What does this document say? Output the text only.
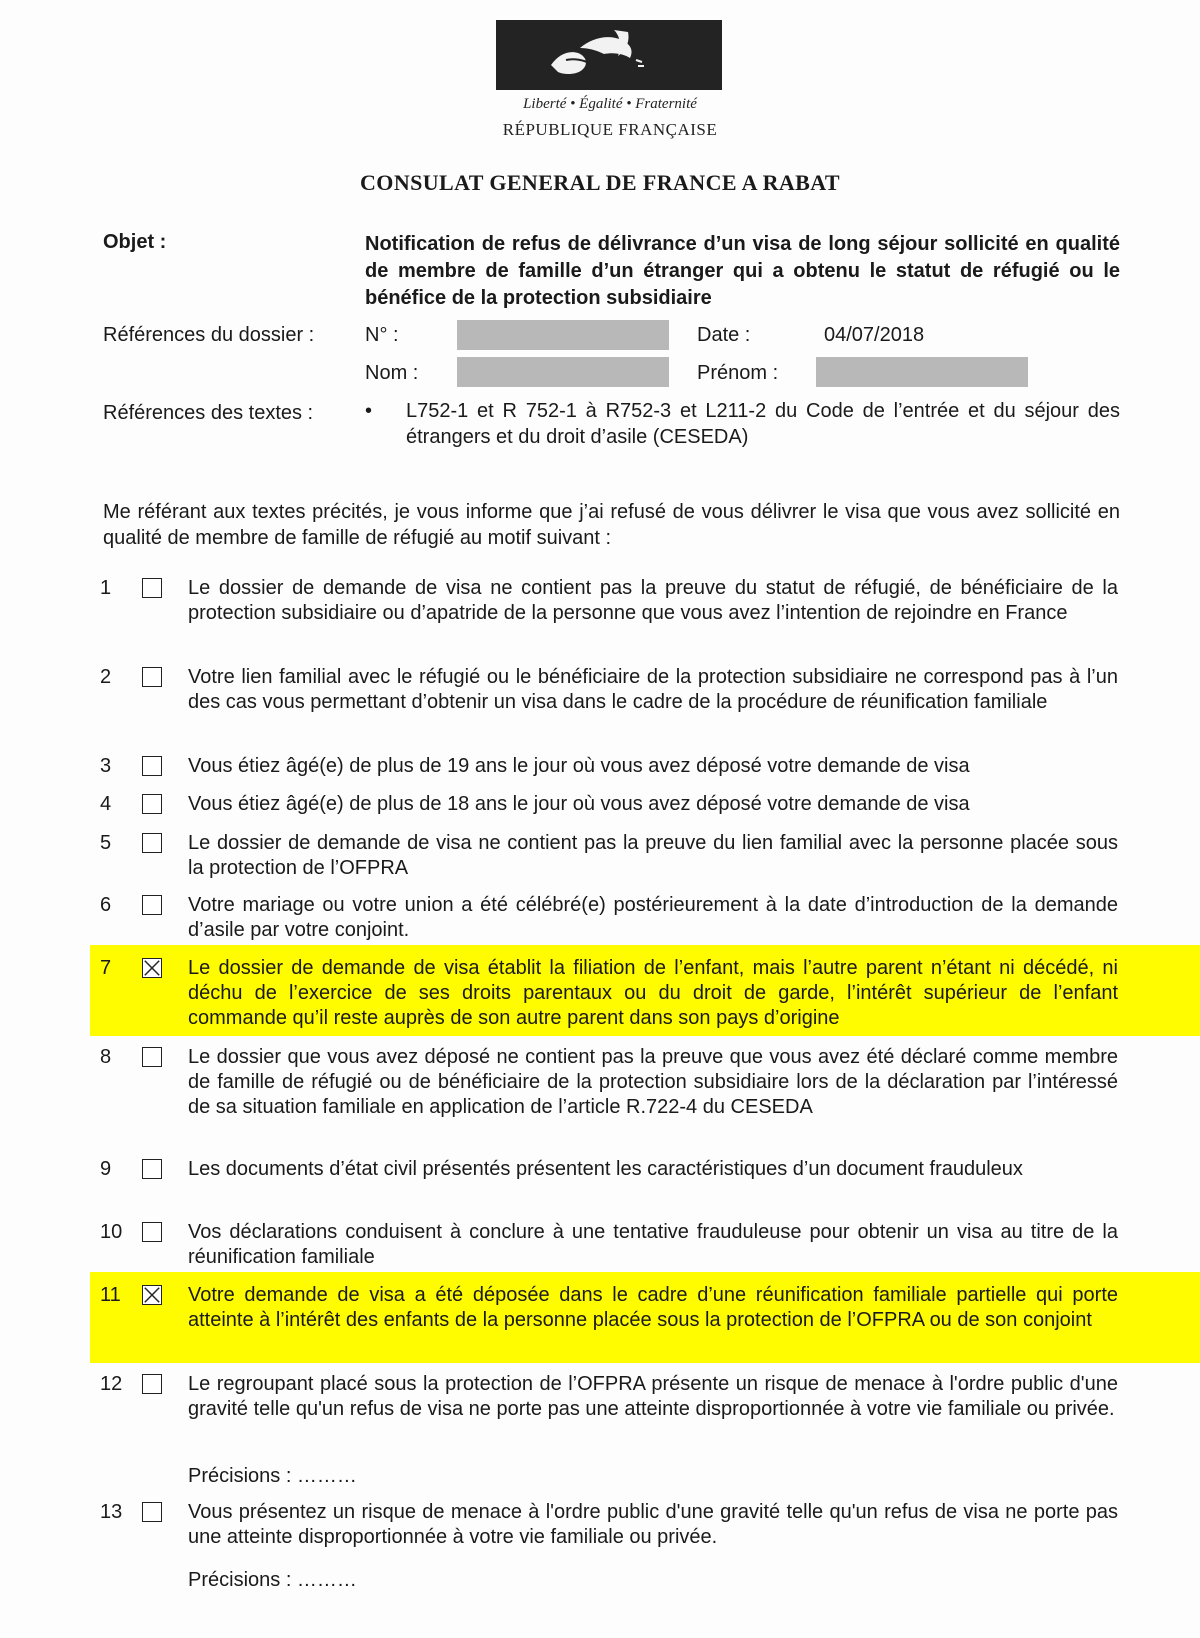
Liberté • Égalité • Fraternité
RÉPUBLIQUE FRANÇAISE
CONSULAT GENERAL DE FRANCE A RABAT
Objet :	Notification de refus de délivrance d’un visa de long séjour sollicité en qualité de membre de famille d’un étranger qui a obtenu le statut de réfugié ou le bénéfice de la protection subsidiaire
Références du dossier :	N° :	Date :	04/07/2018
Nom :	Prénom :
Références des textes :	• L752-1 et R 752-1 à R752-3 et L211-2 du Code de l’entrée et du séjour des étrangers et du droit d’asile (CESEDA)
Me référant aux textes précités, je vous informe que j’ai refusé de vous délivrer le visa que vous avez sollicité en qualité de membre de famille de réfugié au motif suivant :
1	Le dossier de demande de visa ne contient pas la preuve du statut de réfugié, de bénéficiaire de la protection subsidiaire ou d’apatride de la personne que vous avez l’intention de rejoindre en France
2	Votre lien familial avec le réfugié ou le bénéficiaire de la protection subsidiaire ne correspond pas à l’un des cas vous permettant d’obtenir un visa dans le cadre de la procédure de réunification familiale
3	Vous étiez âgé(e) de plus de 19 ans le jour où vous avez déposé votre demande de visa
4	Vous étiez âgé(e) de plus de 18 ans le jour où vous avez déposé votre demande de visa
5	Le dossier de demande de visa ne contient pas la preuve du lien familial avec la personne placée sous la protection de l’OFPRA
6	Votre mariage ou votre union a été célébré(e) postérieurement à la date d’introduction de la demande d’asile par votre conjoint.
7	Le dossier de demande de visa établit la filiation de l’enfant, mais l’autre parent n’étant ni décédé, ni déchu de l’exercice de ses droits parentaux ou du droit de garde, l’intérêt supérieur de l’enfant commande qu’il reste auprès de son autre parent dans son pays d’origine
8	Le dossier que vous avez déposé ne contient pas la preuve que vous avez été déclaré comme membre de famille de réfugié ou de bénéficiaire de la protection subsidiaire lors de la déclaration par l’intéressé de sa situation familiale en application de l’article R.722-4 du CESEDA
9	Les documents d’état civil présentés présentent les caractéristiques d’un document frauduleux
10	Vos déclarations conduisent à conclure à une tentative frauduleuse pour obtenir un visa au titre de la réunification familiale
11	Votre demande de visa a été déposée dans le cadre d’une réunification familiale partielle qui porte atteinte à l’intérêt des enfants de la personne placée sous la protection de l’OFPRA ou de son conjoint
12	Le regroupant placé sous la protection de l’OFPRA présente un risque de menace à l'ordre public d'une gravité telle qu'un refus de visa ne porte pas une atteinte disproportionnée à votre vie familiale ou privée.
13	Vous présentez un risque de menace à l'ordre public d'une gravité telle qu'un refus de visa ne porte pas une atteinte disproportionnée à votre vie familiale ou privée.
Précisions : ………
Précisions : ………
